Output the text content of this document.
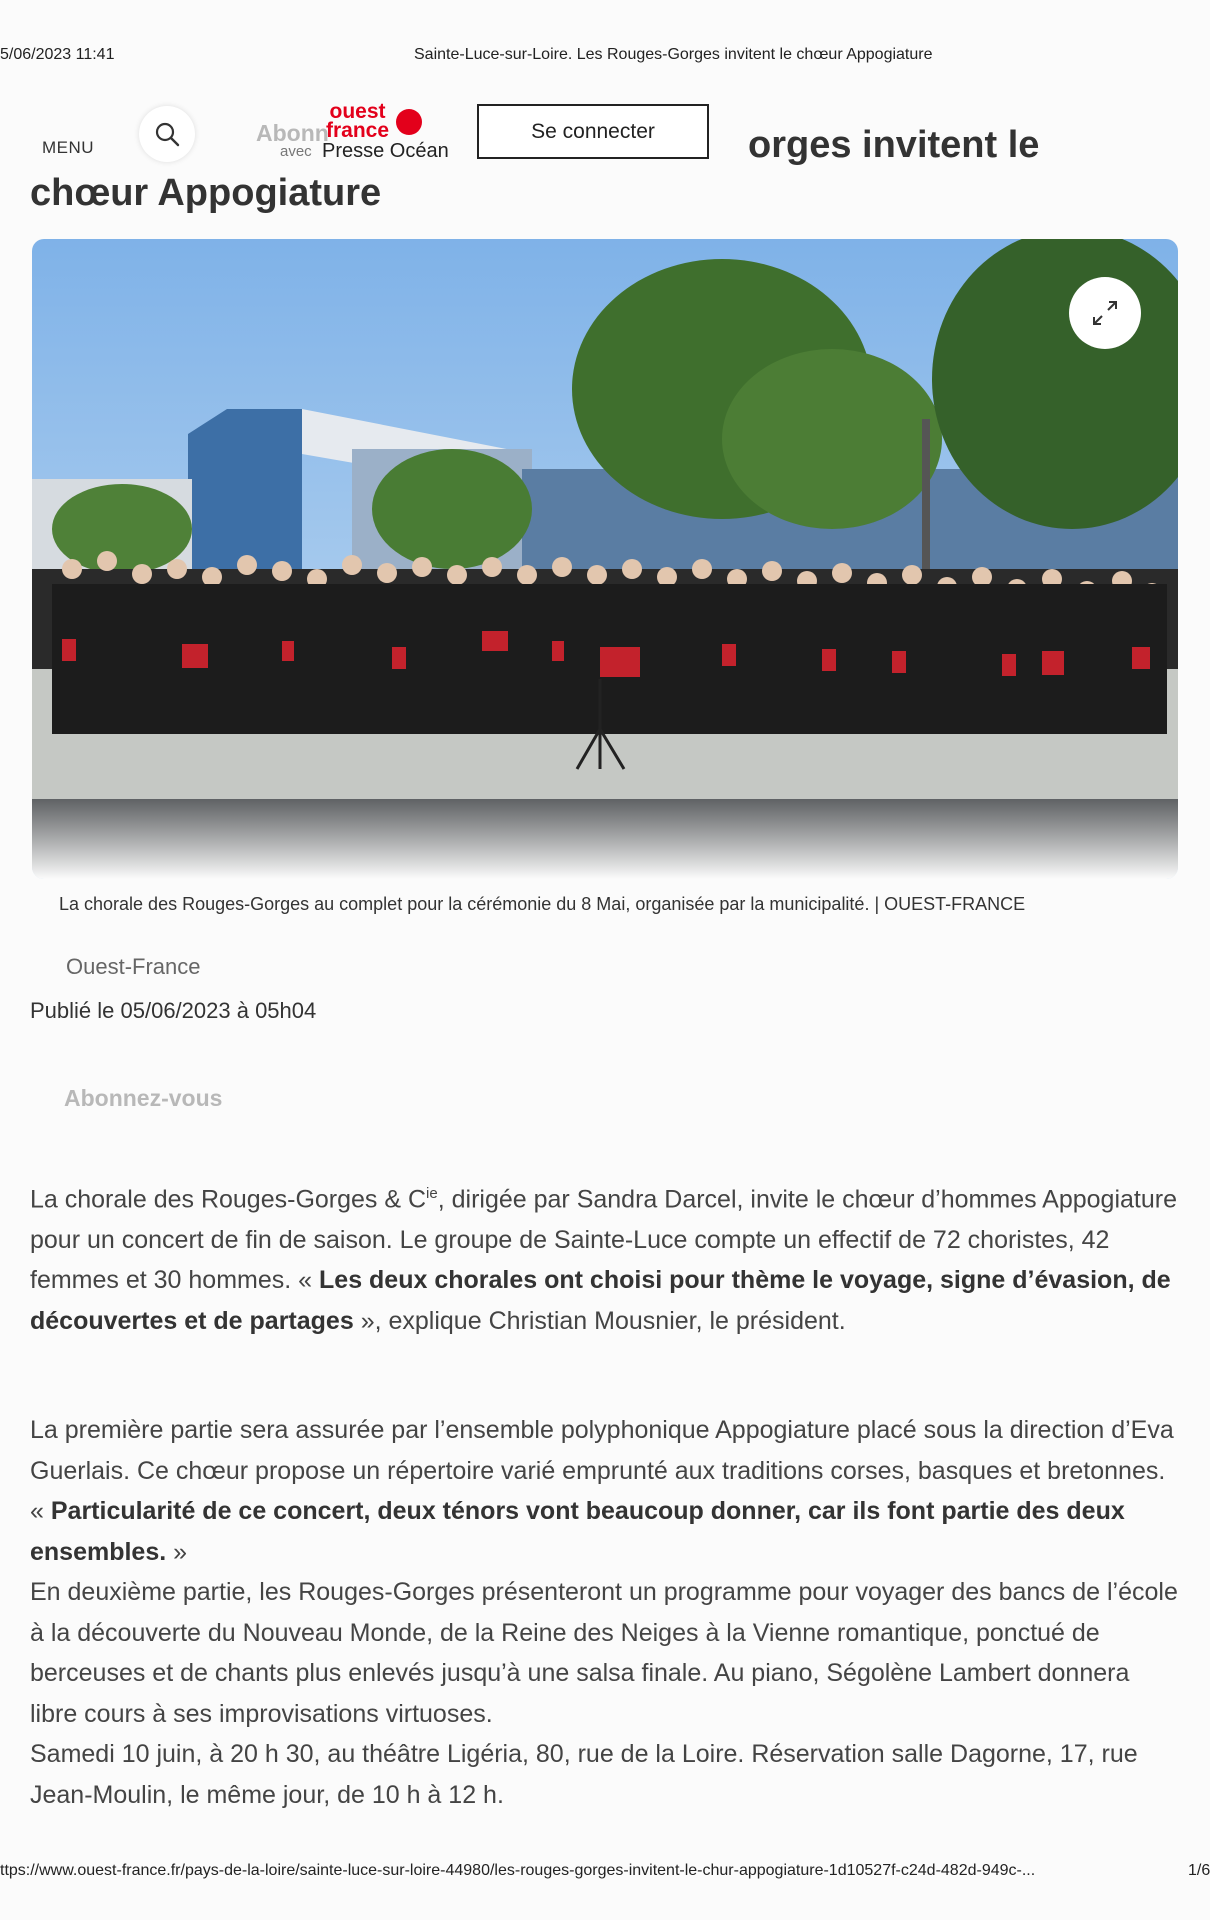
5/06/2023 11:41	Sainte-Luce-sur-Loire. Les Rouges-Gorges invitent le chœur Appogiature
MENU
Abonn
ouest
france
avec Presse Océan
Se connecter	orges invitent le
chœur Appogiature
La chorale des Rouges-Gorges au complet pour la cérémonie du 8 Mai, organisée par la municipalité. | OUEST-FRANCE
Ouest-France
Publié le 05/06/2023 à 05h04
Abonnez-vous

La chorale des Rouges-Gorges & $C^{ie}$, dirigée par Sandra Darcel, invite le chœur d’hommes Appogiature pour un concert de fin de saison. Le groupe de Sainte-Luce compte un effectif de 72 choristes, 42 femmes et 30 hommes. « Les deux chorales ont choisi pour thème le voyage, signe d’évasion, de découvertes et de partages », explique Christian Mousnier, le président.

La première partie sera assurée par l’ensemble polyphonique Appogiature placé sous la direction d’Eva Guerlais. Ce chœur propose un répertoire varié emprunté aux traditions corses, basques et bretonnes. « Particularité de ce concert, deux ténors vont beaucoup donner, car ils font partie des deux ensembles. »

En deuxième partie, les Rouges-Gorges présenteront un programme pour voyager des bancs de l’école à la découverte du Nouveau Monde, de la Reine des Neiges à la Vienne romantique, ponctué de berceuses et de chants plus enlevés jusqu’à une salsa finale. Au piano, Ségolène Lambert donnera libre cours à ses improvisations virtuoses.

Samedi 10 juin, à 20 h 30, au théâtre Ligéria, 80, rue de la Loire. Réservation salle Dagorne, 17, rue Jean-Moulin, le même jour, de 10 h à 12 h.

ttps://www.ouest-france.fr/pays-de-la-loire/sainte-luce-sur-loire-44980/les-rouges-gorges-invitent-le-chur-appogiature-1d10527f-c24d-482d-949c-...	1/6
